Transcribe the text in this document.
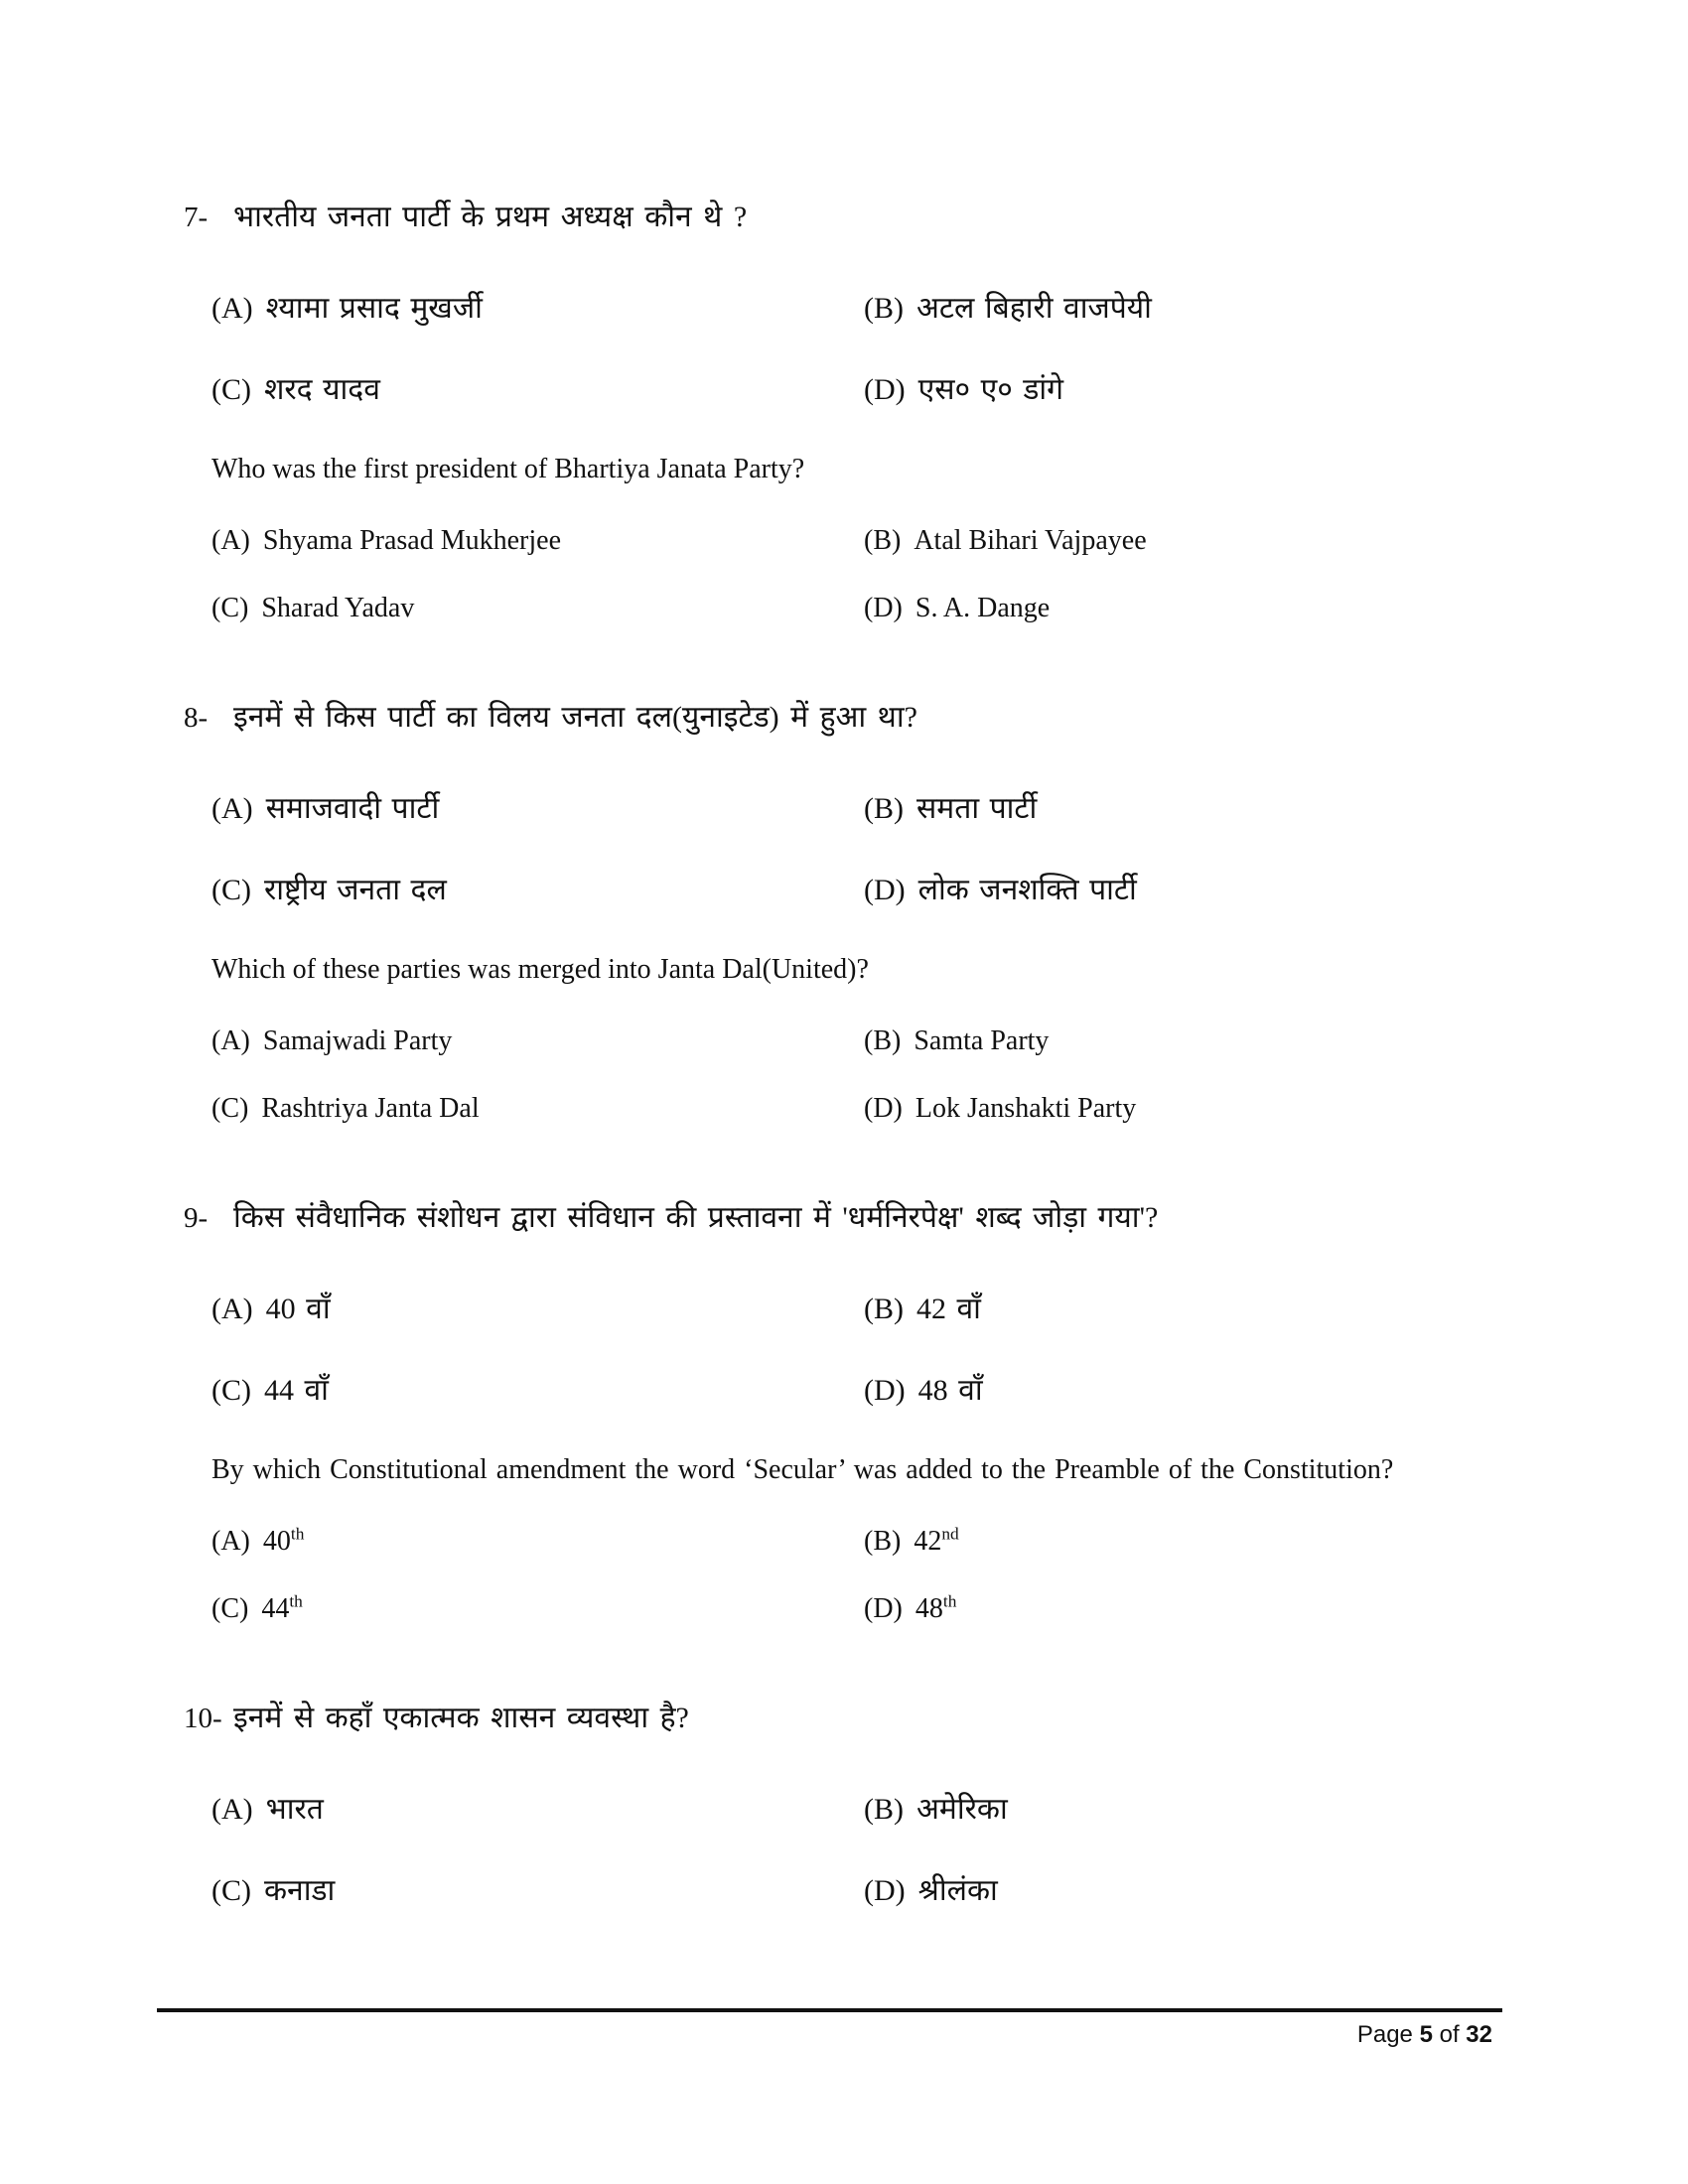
7- भारतीय जनता पार्टी के प्रथम अध्यक्ष कौन थे ?
(A) श्यामा प्रसाद मुखर्जी	(B) अटल बिहारी वाजपेयी
(C) शरद यादव	(D) एस० ए० डांगे
Who was the first president of Bhartiya Janata Party?
(A) Shyama Prasad Mukherjee	(B) Atal Bihari Vajpayee
(C) Sharad Yadav	(D) S. A. Dange
8- इनमें से किस पार्टी का विलय जनता दल(युनाइटेड) में हुआ था?
(A) समाजवादी पार्टी	(B) समता पार्टी
(C) राष्ट्रीय जनता दल	(D) लोक जनशक्ति पार्टी
Which of these parties was merged into Janta Dal(United)?
(A) Samajwadi Party	(B) Samta Party
(C) Rashtriya Janta Dal	(D) Lok Janshakti Party
9- किस संवैधानिक संशोधन द्वारा संविधान की प्रस्तावना में 'धर्मनिरपेक्ष' शब्द जोड़ा गया'?
(A) 40 वाँ	(B) 42 वाँ
(C) 44 वाँ	(D) 48 वाँ
By which Constitutional amendment the word ‘Secular’ was added to the Preamble of the Constitution?
(A) 40th	(B) 42nd
(C) 44th	(D) 48th
10- इनमें से कहाँ एकात्मक शासन व्यवस्था है?
(A) भारत	(B) अमेरिका
(C) कनाडा	(D) श्रीलंका
Page 5 of 32
